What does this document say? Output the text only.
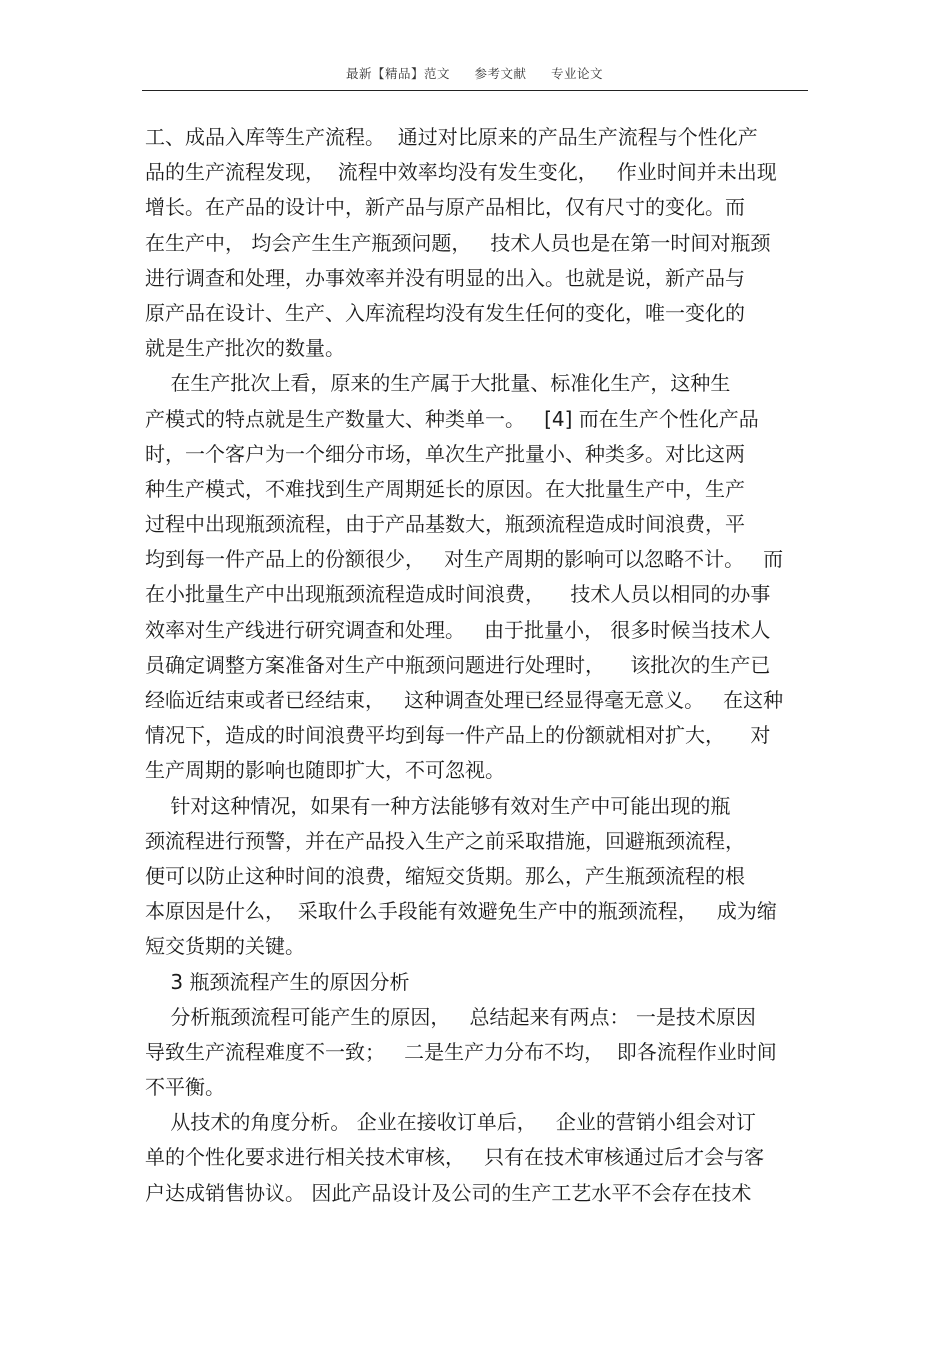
最新【精品】范文 参考文献 专业论文
工、成品入库等生产流程。  通过对比原来的产品生产流程与个性化产
品的生产流程发现，  流程中效率均没有发生变化，   作业时间并未出现
增长。在产品的设计中，新产品与原产品相比，仅有尺寸的变化。而
在生产中， 均会产生生产瓶颈问题，   技术人员也是在第一时间对瓶颈
进行调查和处理，办事效率并没有明显的出入。也就是说，新产品与
原产品在设计、生产、入库流程均没有发生任何的变化，唯一变化的
就是生产批次的数量。
在生产批次上看，原来的生产属于大批量、标准化生产，这种生
产模式的特点就是生产数量大、种类单一。   [4] 而在生产个性化产品
时，一个客户为一个细分市场，单次生产批量小、种类多。对比这两
种生产模式，不难找到生产周期延长的原因。在大批量生产中，生产
过程中出现瓶颈流程，由于产品基数大，瓶颈流程造成时间浪费，平
均到每一件产品上的份额很少，   对生产周期的影响可以忽略不计。   而
在小批量生产中出现瓶颈流程造成时间浪费，    技术人员以相同的办事
效率对生产线进行研究调查和处理。   由于批量小， 很多时候当技术人
员确定调整方案准备对生产中瓶颈问题进行处理时，    该批次的生产已
经临近结束或者已经结束，   这种调查处理已经显得毫无意义。   在这种
情况下，造成的时间浪费平均到每一件产品上的份额就相对扩大，    对
生产周期的影响也随即扩大，不可忽视。
针对这种情况，如果有一种方法能够有效对生产中可能出现的瓶
颈流程进行预警，并在产品投入生产之前采取措施，回避瓶颈流程，
便可以防止这种时间的浪费，缩短交货期。那么，产生瓶颈流程的根
本原因是什么，  采取什么手段能有效避免生产中的瓶颈流程，   成为缩
短交货期的关键。
3 瓶颈流程产生的原因分析
分析瓶颈流程可能产生的原因，   总结起来有两点： 一是技术原因
导致生产流程难度不一致；   二是生产力分布不均，  即各流程作业时间
不平衡。
从技术的角度分析。 企业在接收订单后，   企业的营销小组会对订
单的个性化要求进行相关技术审核，   只有在技术审核通过后才会与客
户达成销售协议。 因此产品设计及公司的生产工艺水平不会存在技术
